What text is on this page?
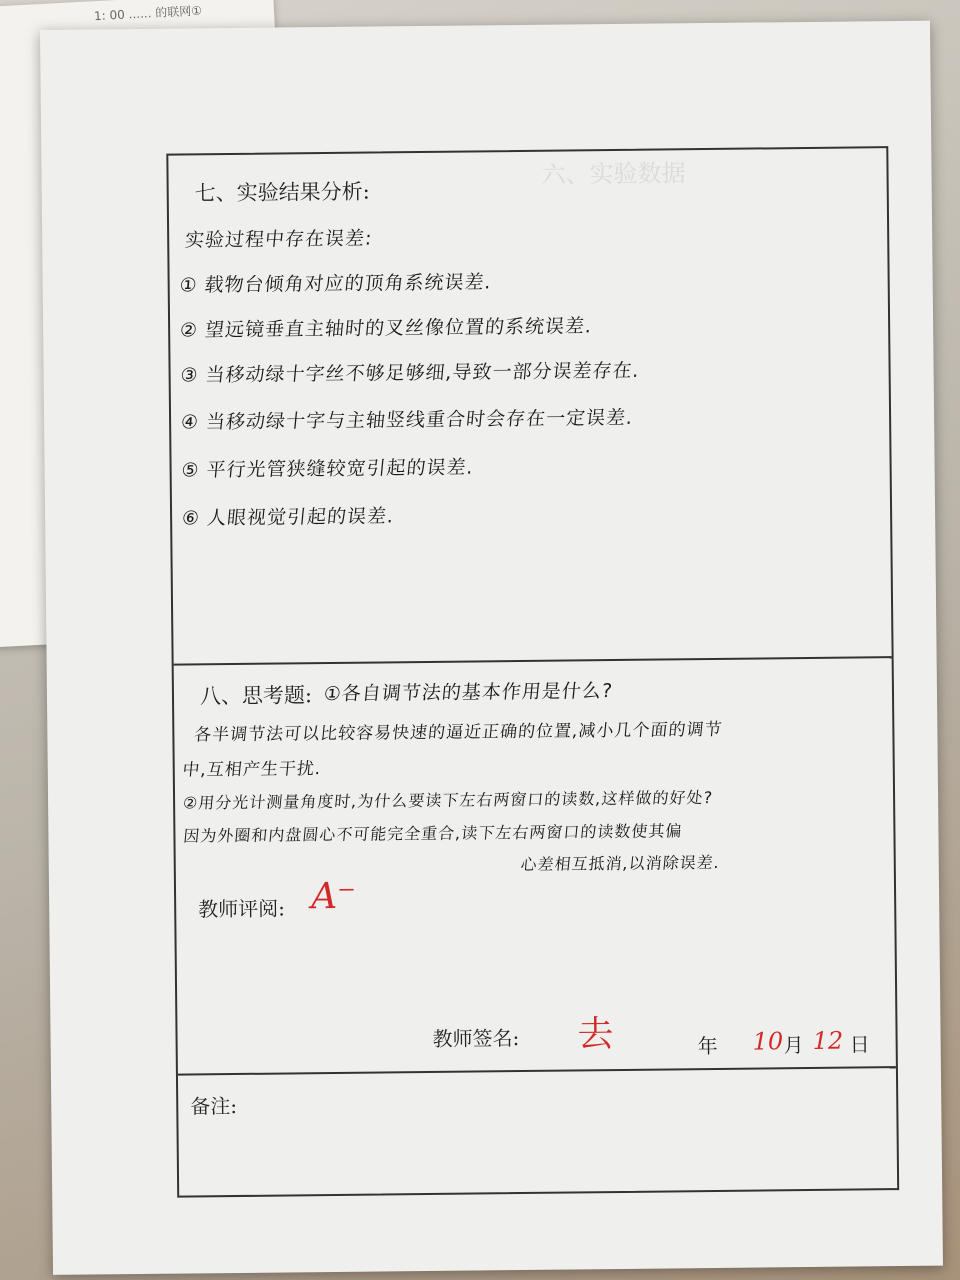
1: 00 ...... 的联网①
六、实验数据
七、实验结果分析:
实验过程中存在误差:
① 载物台倾角对应的顶角系统误差.
② 望远镜垂直主轴时的叉丝像位置的系统误差.
③ 当移动绿十字丝不够足够细,导致一部分误差存在.
④ 当移动绿十字与主轴竖线重合时会存在一定误差.
⑤ 平行光管狭缝较宽引起的误差.
⑥ 人眼视觉引起的误差.
八、思考题: ①各自调节法的基本作用是什么?
各半调节法可以比较容易快速的逼近正确的位置,减小几个面的调节
中,互相产生干扰.
②用分光计测量角度时,为什么要读下左右两窗口的读数,这样做的好处?
因为外圈和内盘圆心不可能完全重合,读下左右两窗口的读数使其偏
心差相互抵消,以消除误差.
教师评阅: A⁻
教师签名: 去	年 10 月 12 日
备注:
